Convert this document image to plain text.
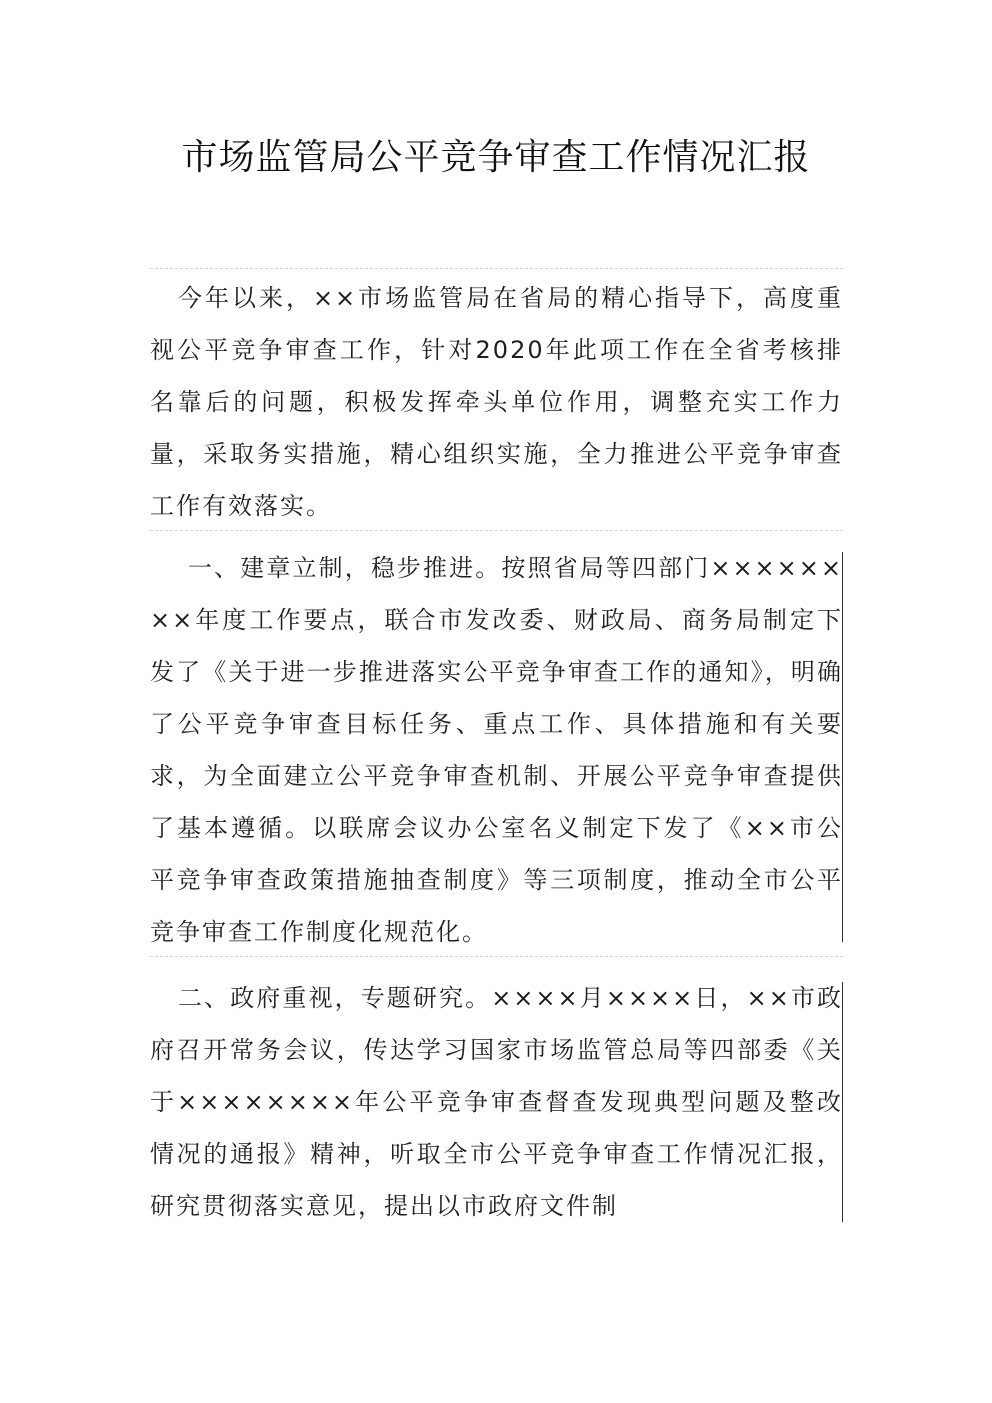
市场监管局公平竞争审查工作情况汇报
今年以来，××市场监管局在省局的精心指导下，高度重视公平竞争审查工作，针对2020年此项工作在全省考核排名靠后的问题，积极发挥牵头单位作用，调整充实工作力量，采取务实措施，精心组织实施，全力推进公平竞争审查工作有效落实。
一、建章立制，稳步推进。按照省局等四部门××××××××年度工作要点，联合市发改委、财政局、商务局制定下发了《关于进一步推进落实公平竞争审查工作的通知》，明确了公平竞争审查目标任务、重点工作、具体措施和有关要求，为全面建立公平竞争审查机制、开展公平竞争审查提供了基本遵循。以联席会议办公室名义制定下发了《××市公平竞争审查政策措施抽查制度》等三项制度，推动全市公平竞争审查工作制度化规范化。
二、政府重视，专题研究。××××月××××日，××市政府召开常务会议，传达学习国家市场监管总局等四部委《关于××××××××年公平竞争审查督查发现典型问题及整改情况的通报》精神，听取全市公平竞争审查工作情况汇报，研究贯彻落实意见，提出以市政府文件制
